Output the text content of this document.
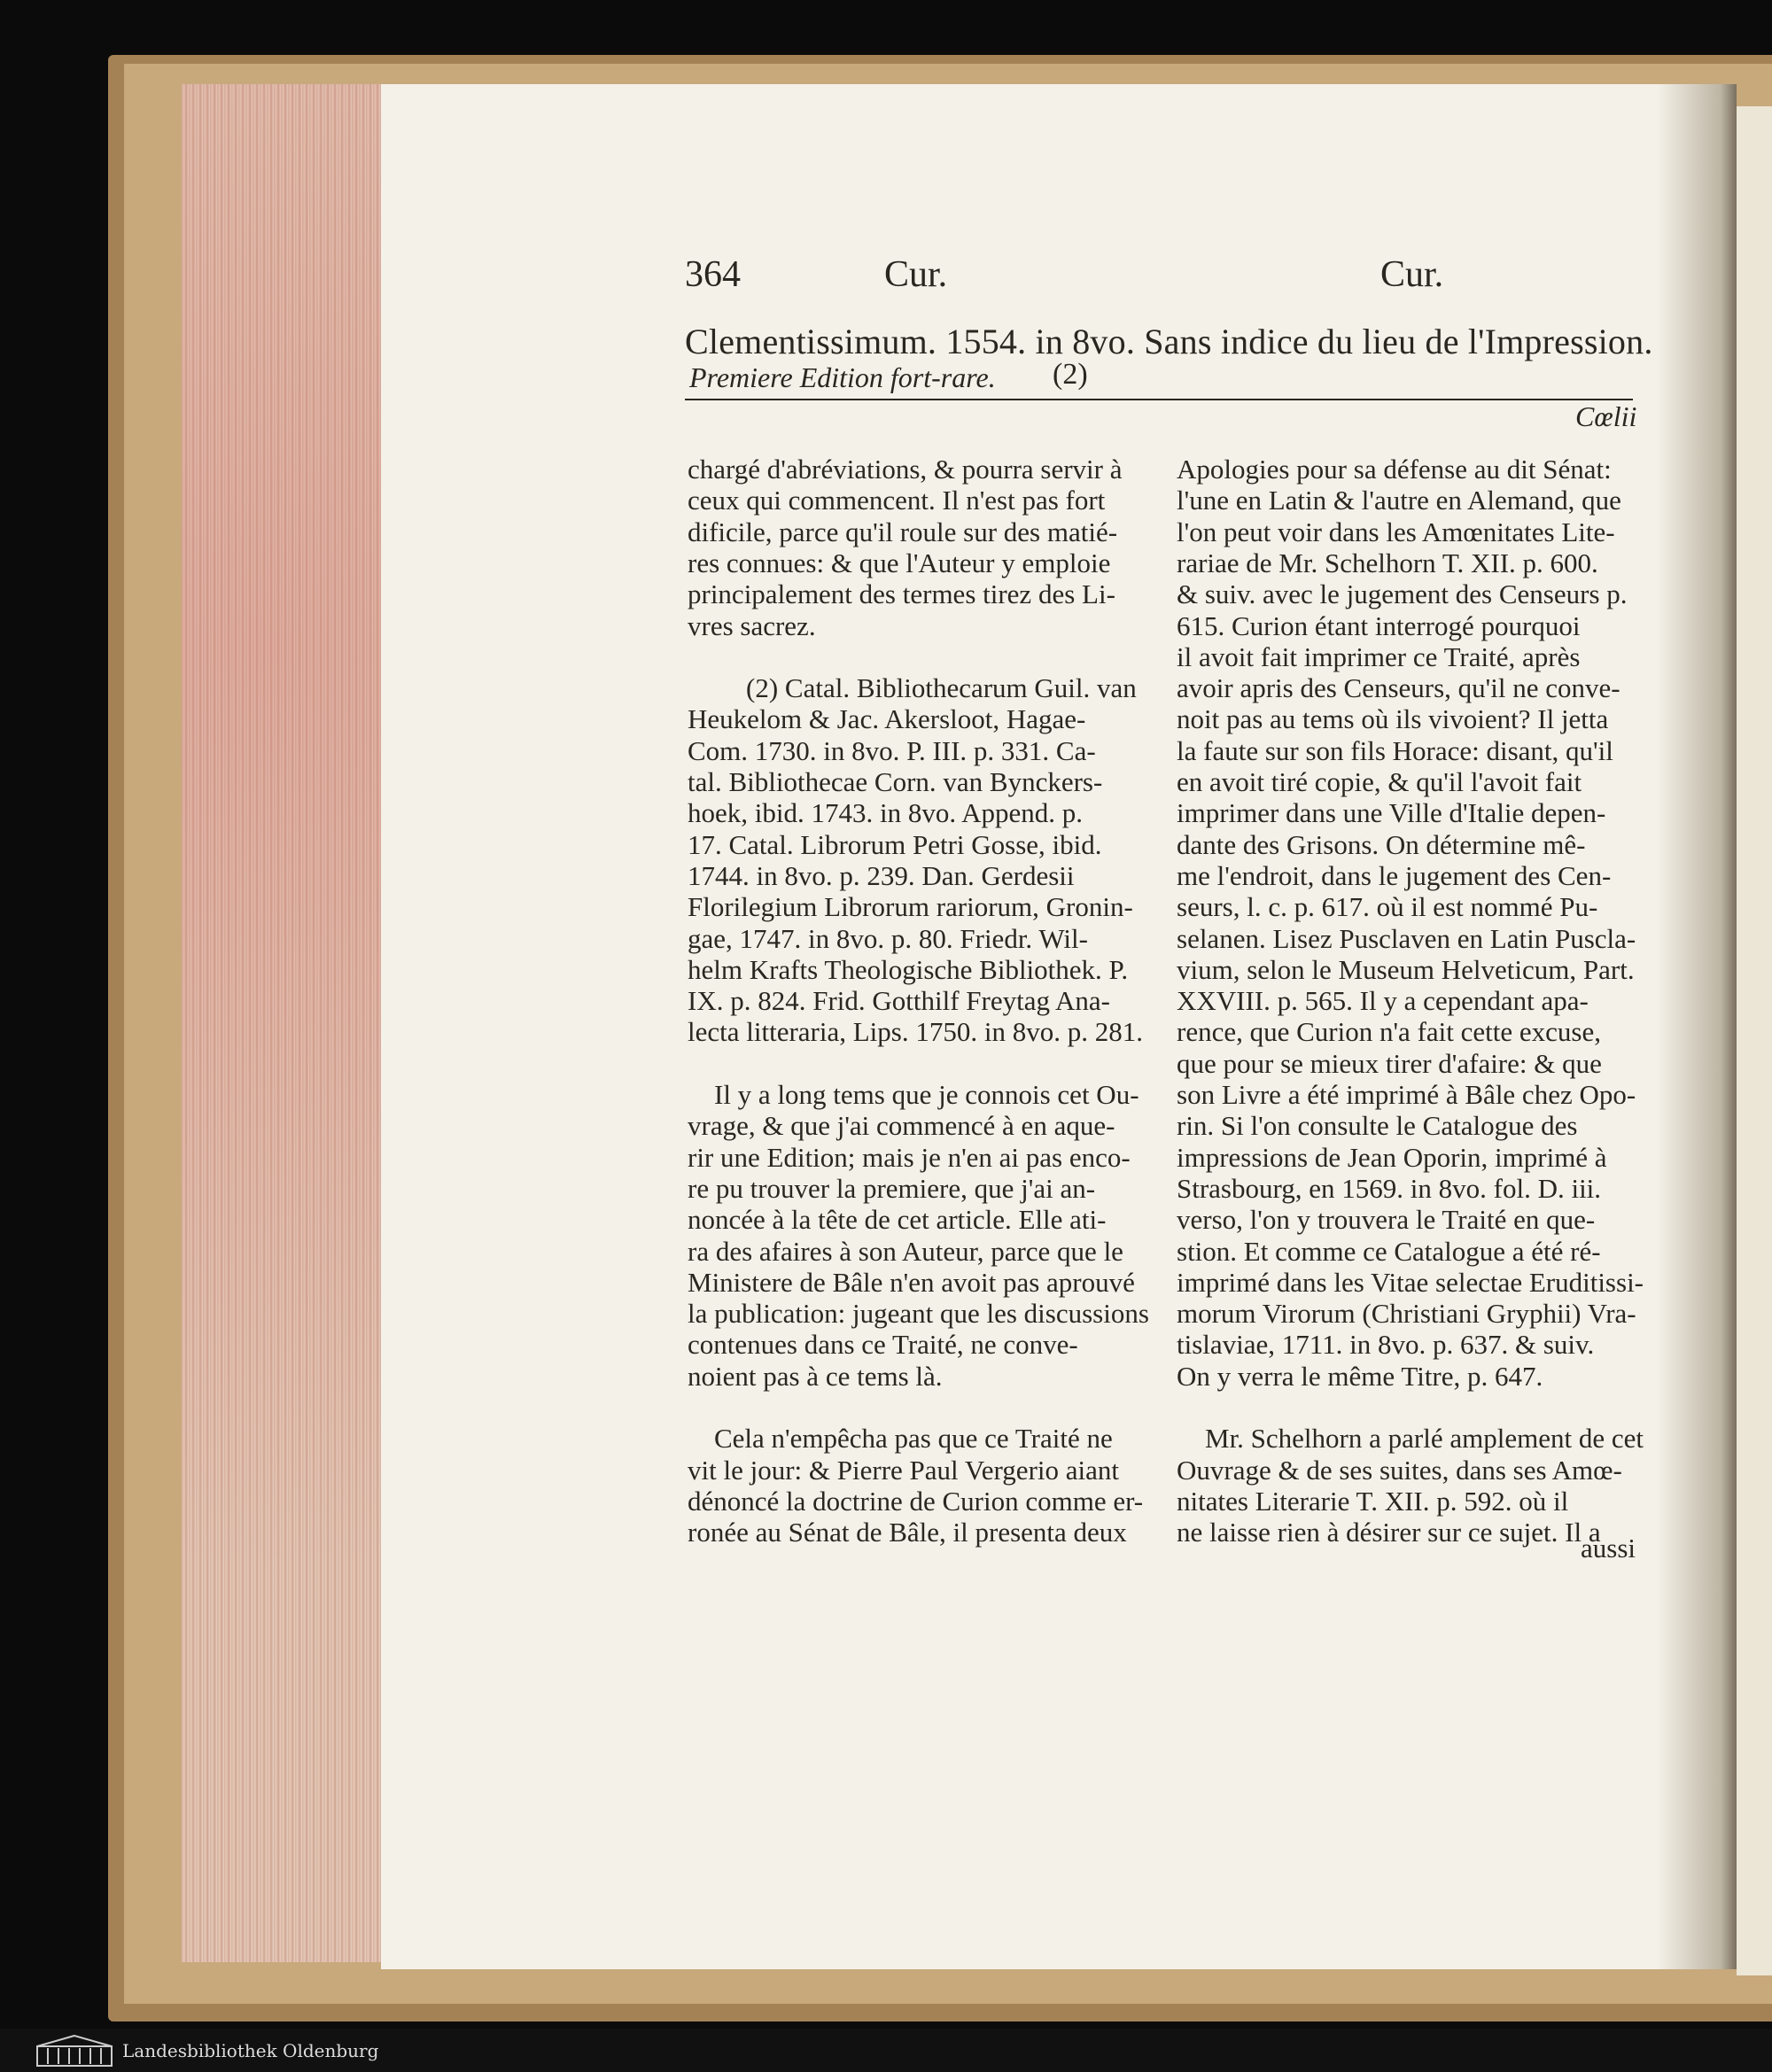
364	Cur.	Cur.
Clementissimum. 1554. in 8vo. Sans indice du lieu de l'Impression.
Premiere Edition fort-rare. (2)
Cœlii
chargé d'abréviations, & pourra servir à
ceux qui commencent. Il n'est pas fort
dificile, parce qu'il roule sur des matié-
res connues: & que l'Auteur y emploie
principalement des termes tirez des Li-
vres sacrez.
(2) Catal. Bibliothecarum Guil. van
Heukelom & Jac. Akersloot, Hagae-
Com. 1730. in 8vo. P. III. p. 331. Ca-
tal. Bibliothecae Corn. van Bynckers-
hoek, ibid. 1743. in 8vo. Append. p.
17. Catal. Librorum Petri Gosse, ibid.
1744. in 8vo. p. 239. Dan. Gerdesii
Florilegium Librorum rariorum, Gronin-
gae, 1747. in 8vo. p. 80. Friedr. Wil-
helm Krafts Theologische Bibliothek. P.
IX. p. 824. Frid. Gotthilf Freytag Ana-
lecta litteraria, Lips. 1750. in 8vo. p. 281.
Il y a long tems que je connois cet Ou-
vrage, & que j'ai commencé à en aque-
rir une Edition; mais je n'en ai pas enco-
re pu trouver la premiere, que j'ai an-
noncée à la tête de cet article. Elle ati-
ra des afaires à son Auteur, parce que le
Ministere de Bâle n'en avoit pas aprouvé
la publication: jugeant que les discussions
contenues dans ce Traité, ne conve-
noient pas à ce tems là.
Cela n'empêcha pas que ce Traité ne
vit le jour: & Pierre Paul Vergerio aiant
dénoncé la doctrine de Curion comme er-
ronée au Sénat de Bâle, il presenta deux
Apologies pour sa défense au dit Sénat:
l'une en Latin & l'autre en Alemand, que
l'on peut voir dans les Amœnitates Lite-
rariae de Mr. Schelhorn T. XII. p. 600.
& suiv. avec le jugement des Censeurs p.
615. Curion étant interrogé pourquoi
il avoit fait imprimer ce Traité, après
avoir apris des Censeurs, qu'il ne conve-
noit pas au tems où ils vivoient? Il jetta
la faute sur son fils Horace: disant, qu'il
en avoit tiré copie, & qu'il l'avoit fait
imprimer dans une Ville d'Italie depen-
dante des Grisons. On détermine mê-
me l'endroit, dans le jugement des Cen-
seurs, l. c. p. 617. où il est nommé Pu-
selanen. Lisez Pusclaven en Latin Puscla-
vium, selon le Museum Helveticum, Part.
XXVIII. p. 565. Il y a cependant apa-
rence, que Curion n'a fait cette excuse,
que pour se mieux tirer d'afaire: & que
son Livre a été imprimé à Bâle chez Opo-
rin. Si l'on consulte le Catalogue des
impressions de Jean Oporin, imprimé à
Strasbourg, en 1569. in 8vo. fol. D. iii.
verso, l'on y trouvera le Traité en que-
stion. Et comme ce Catalogue a été ré-
imprimé dans les Vitae selectae Eruditissi-
morum Virorum (Christiani Gryphii) Vra-
tislaviae, 1711. in 8vo. p. 637. & suiv.
On y verra le même Titre, p. 647.
Mr. Schelhorn a parlé amplement de cet
Ouvrage & de ses suites, dans ses Amœ-
nitates Literarie T. XII. p. 592. où il
ne laisse rien à désirer sur ce sujet. Il a
aussi
Landesbibliothek Oldenburg
